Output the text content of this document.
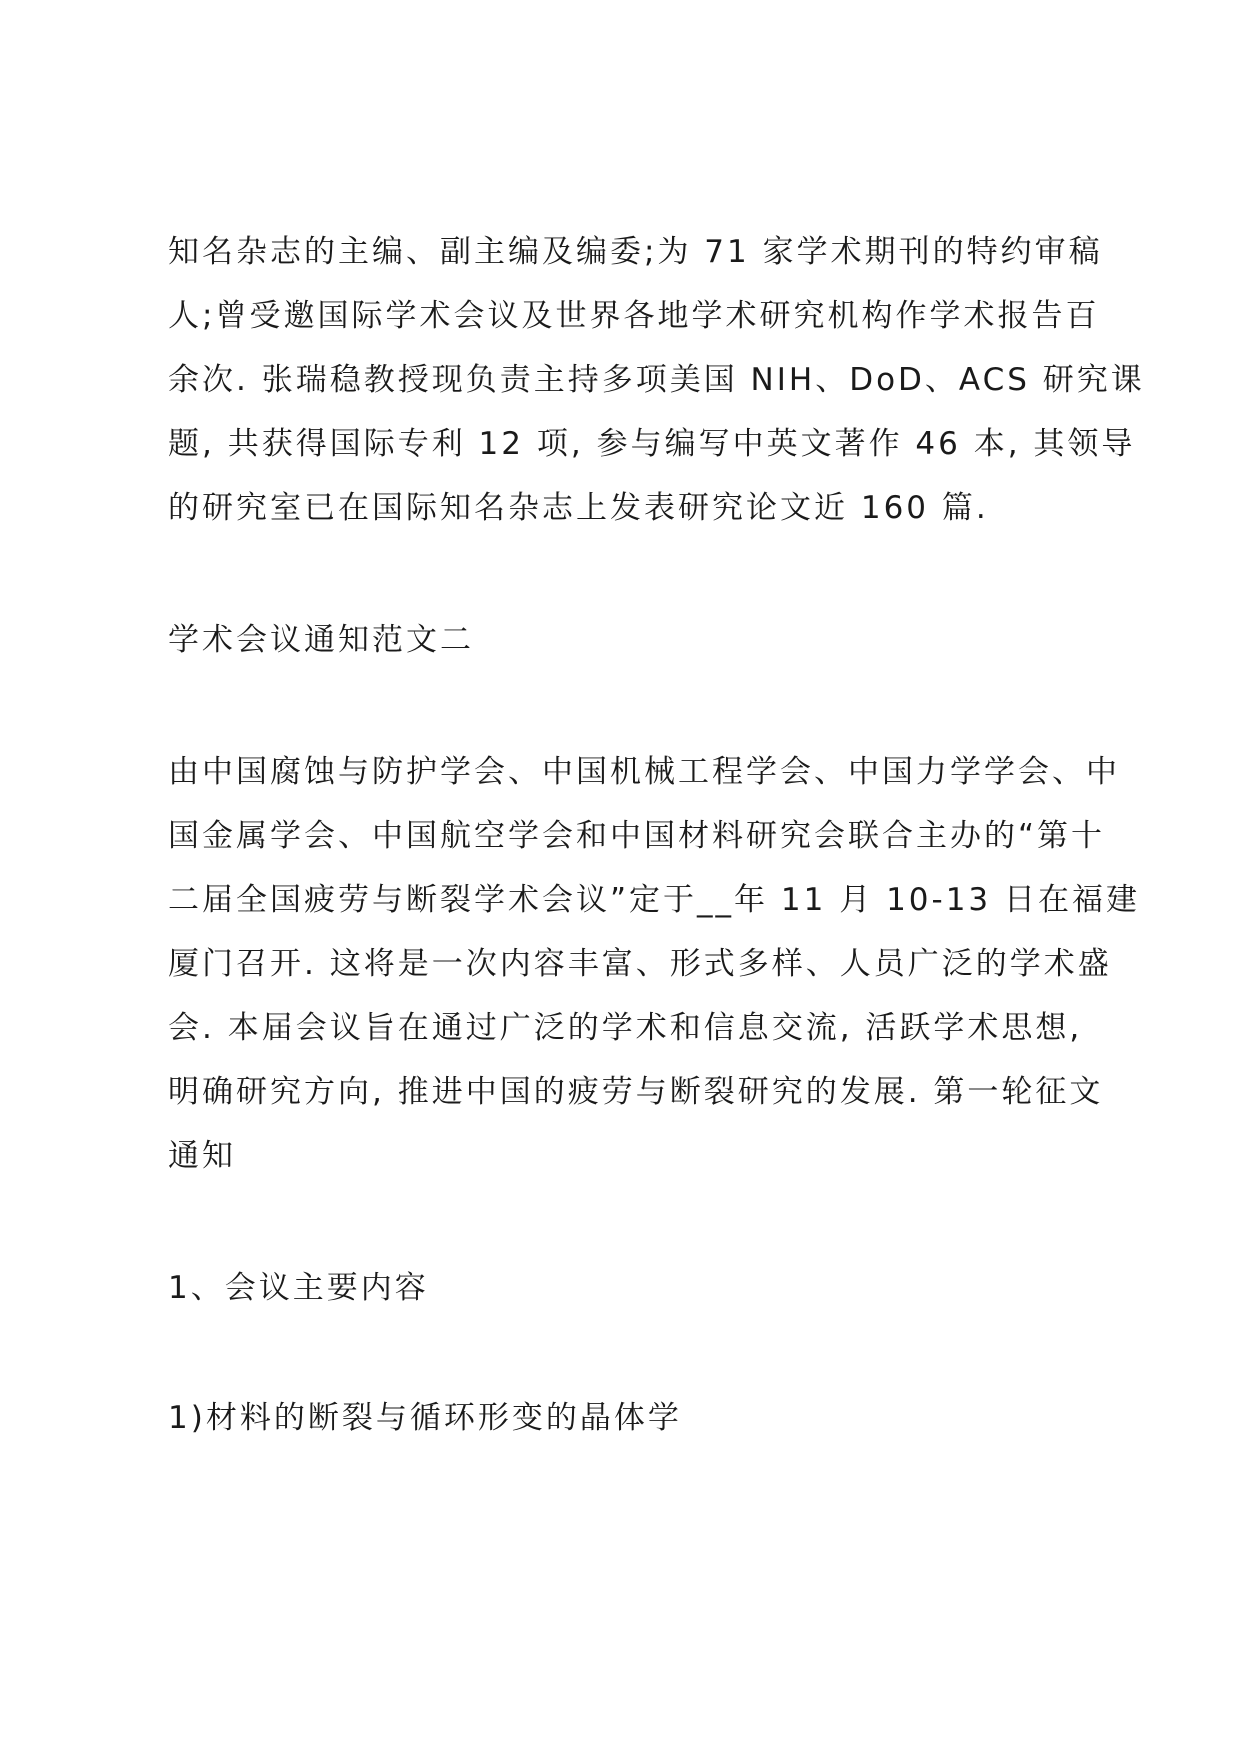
知名杂志的主编、副主编及编委;为 71 家学术期刊的特约审稿
人;曾受邀国际学术会议及世界各地学术研究机构作学术报告百
余次. 张瑞稳教授现负责主持多项美国 NIH、DoD、ACS 研究课
题, 共获得国际专利 12 项, 参与编写中英文著作 46 本, 其领导
的研究室已在国际知名杂志上发表研究论文近 160 篇.
学术会议通知范文二
由中国腐蚀与防护学会、中国机械工程学会、中国力学学会、中
国金属学会、中国航空学会和中国材料研究会联合主办的“第十
二届全国疲劳与断裂学术会议”定于__年 11 月 10-13 日在福建
厦门召开. 这将是一次内容丰富、形式多样、人员广泛的学术盛
会. 本届会议旨在通过广泛的学术和信息交流, 活跃学术思想,
明确研究方向, 推进中国的疲劳与断裂研究的发展. 第一轮征文
通知
1、会议主要内容
1)材料的断裂与循环形变的晶体学
